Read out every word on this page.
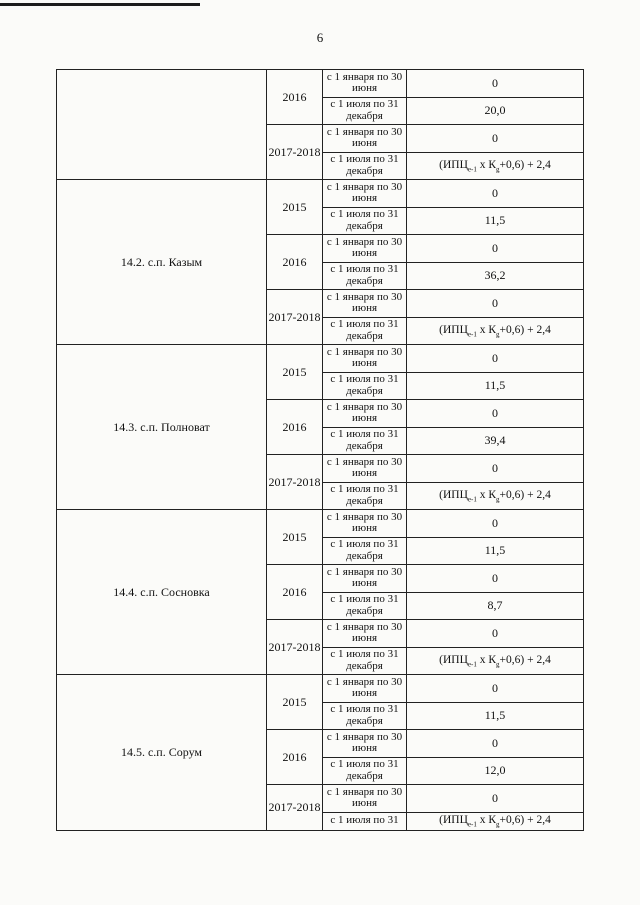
6
	2016	с 1 января по 30 июня	0
		с 1 июля по 31 декабря	20,0
	2017-2018	с 1 января по 30 июня	0
		с 1 июля по 31 декабря	($ИПЦ_{e-1}$ x $К_g+0,6) + 2,4$
14.2. с.п. Казым	2015	с 1 января по 30 июня	0
		с 1 июля по 31 декабря	11,5
	2016	с 1 января по 30 июня	0
		с 1 июля по 31 декабря	36,2
	2017-2018	с 1 января по 30 июня	0
		с 1 июля по 31 декабря	($ИПЦ_{e-1}$ x $К_g+0,6) + 2,4$
14.3. с.п. Полноват	2015	с 1 января по 30 июня	0
		с 1 июля по 31 декабря	11,5
	2016	с 1 января по 30 июня	0
		с 1 июля по 31 декабря	39,4
	2017-2018	с 1 января по 30 июня	0
		с 1 июля по 31 декабря	($ИПЦ_{e-1}$ x $К_g+0,6) + 2,4$
14.4. с.п. Сосновка	2015	с 1 января по 30 июня	0
		с 1 июля по 31 декабря	11,5
	2016	с 1 января по 30 июня	0
		с 1 июля по 31 декабря	8,7
	2017-2018	с 1 января по 30 июня	0
		с 1 июля по 31 декабря	($ИПЦ_{e-1}$ x $К_g+0,6) + 2,4$
14.5. с.п. Сорум	2015	с 1 января по 30 июня	0
		с 1 июля по 31 декабря	11,5
	2016	с 1 января по 30 июня	0
		с 1 июля по 31 декабря	12,0
	2017-2018	с 1 января по 30 июня	0
		с 1 июля по 31	($ИПЦ_{e-1}$ x $К_g+0,6) + 2,4$
